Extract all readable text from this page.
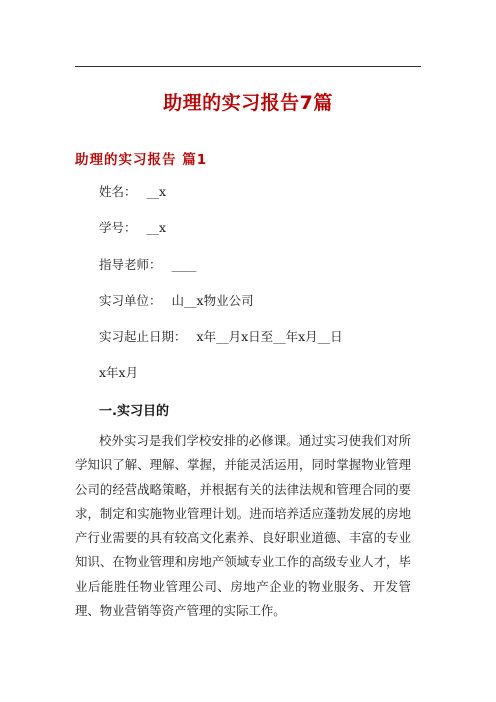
助理的实习报告7篇
助理的实习报告 篇1
姓名： __x
学号： __x
指导老师： ____
实习单位： 山__x物业公司
实习起止日期： x年__月x日至__年x月__日
x年x月
一.实习目的

校外实习是我们学校安排的必修课。通过实习使我们对所学知识了解、理解、掌握，并能灵活运用，同时掌握物业管理公司的经营战略策略，并根据有关的法律法规和管理合同的要求，制定和实施物业管理计划。进而培养适应蓬勃发展的房地产行业需要的具有较高文化素养、良好职业道德、丰富的专业知识、在物业管理和房地产领域专业工作的高级专业人才，毕业后能胜任物业管理公司、房地产企业的物业服务、开发管理、物业营销等资产管理的实际工作。
